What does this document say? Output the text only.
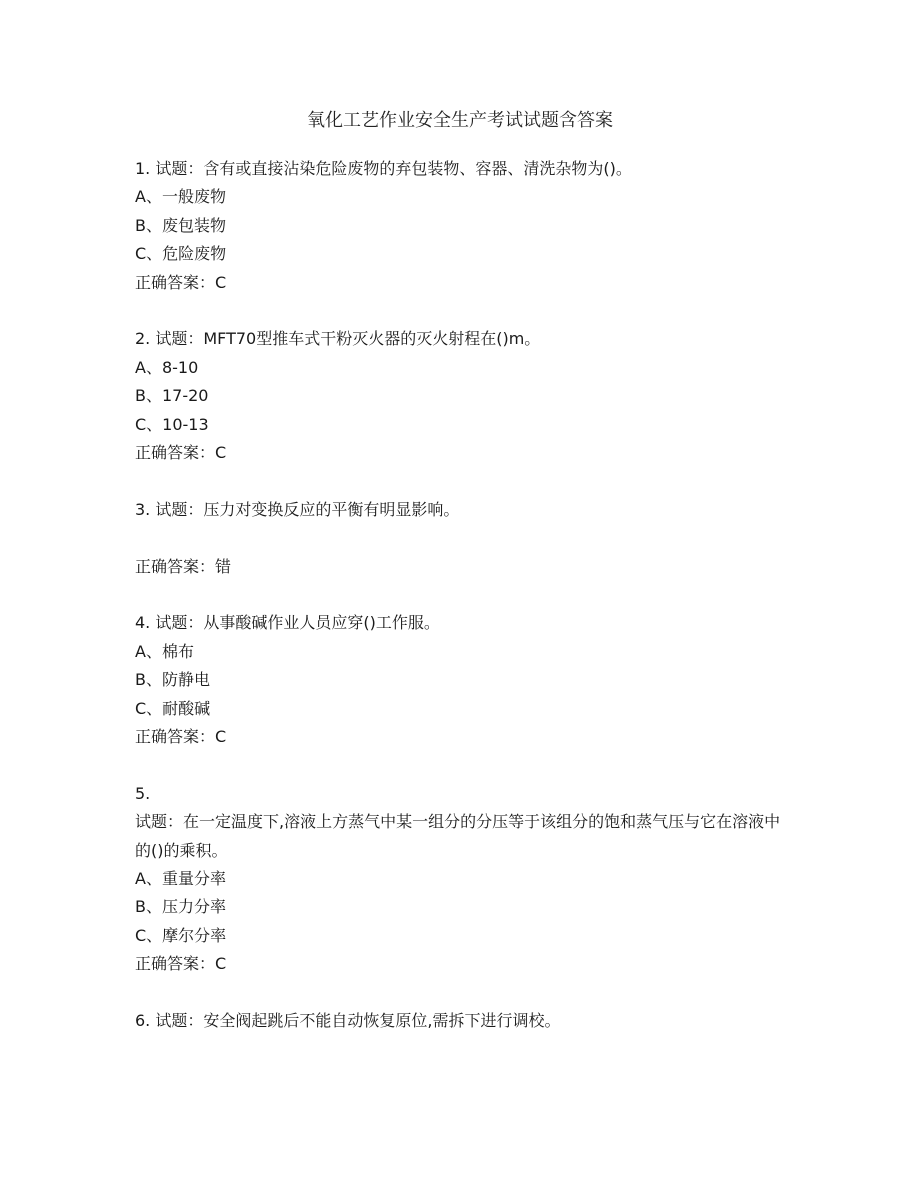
氧化工艺作业安全生产考试试题含答案
1. 试题：含有或直接沾染危险废物的弃包装物、容器、清洗杂物为()。
A、一般废物
B、废包装物
C、危险废物
正确答案：C
2. 试题：MFT70型推车式干粉灭火器的灭火射程在()m。
A、8-10
B、17-20
C、10-13
正确答案：C
3. 试题：压力对变换反应的平衡有明显影响。
正确答案：错
4. 试题：从事酸碱作业人员应穿()工作服。
A、棉布
B、防静电
C、耐酸碱
正确答案：C
5.
试题：在一定温度下,溶液上方蒸气中某一组分的分压等于该组分的饱和蒸气压与它在溶液中的()的乘积。
A、重量分率
B、压力分率
C、摩尔分率
正确答案：C
6. 试题：安全阀起跳后不能自动恢复原位,需拆下进行调校。
